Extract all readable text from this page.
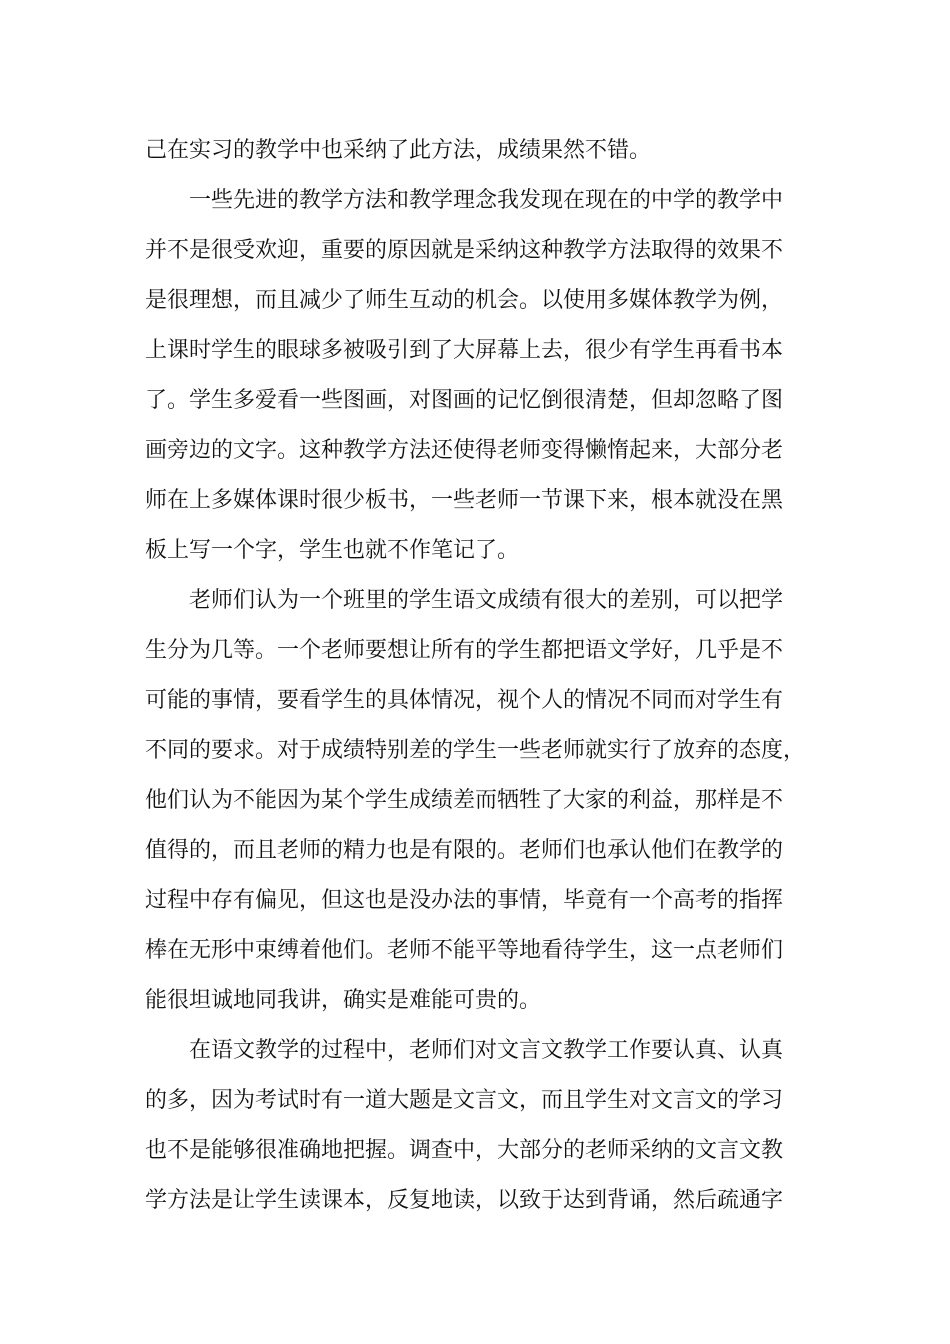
己在实习的教学中也采纳了此方法，成绩果然不错。
　　一些先进的教学方法和教学理念我发现在现在的中学的教学中
并不是很受欢迎，重要的原因就是采纳这种教学方法取得的效果不
是很理想，而且减少了师生互动的机会。以使用多媒体教学为例，
上课时学生的眼球多被吸引到了大屏幕上去，很少有学生再看书本
了。学生多爱看一些图画，对图画的记忆倒很清楚，但却忽略了图
画旁边的文字。这种教学方法还使得老师变得懒惰起来，大部分老
师在上多媒体课时很少板书，一些老师一节课下来，根本就没在黑
板上写一个字，学生也就不作笔记了。
　　老师们认为一个班里的学生语文成绩有很大的差别，可以把学
生分为几等。一个老师要想让所有的学生都把语文学好，几乎是不
可能的事情，要看学生的具体情况，视个人的情况不同而对学生有
不同的要求。对于成绩特别差的学生一些老师就实行了放弃的态度，
他们认为不能因为某个学生成绩差而牺牲了大家的利益，那样是不
值得的，而且老师的精力也是有限的。老师们也承认他们在教学的
过程中存有偏见，但这也是没办法的事情，毕竟有一个高考的指挥
棒在无形中束缚着他们。老师不能平等地看待学生，这一点老师们
能很坦诚地同我讲，确实是难能可贵的。
　　在语文教学的过程中，老师们对文言文教学工作要认真、认真
的多，因为考试时有一道大题是文言文，而且学生对文言文的学习
也不是能够很准确地把握。调查中，大部分的老师采纳的文言文教
学方法是让学生读课本，反复地读，以致于达到背诵，然后疏通字
